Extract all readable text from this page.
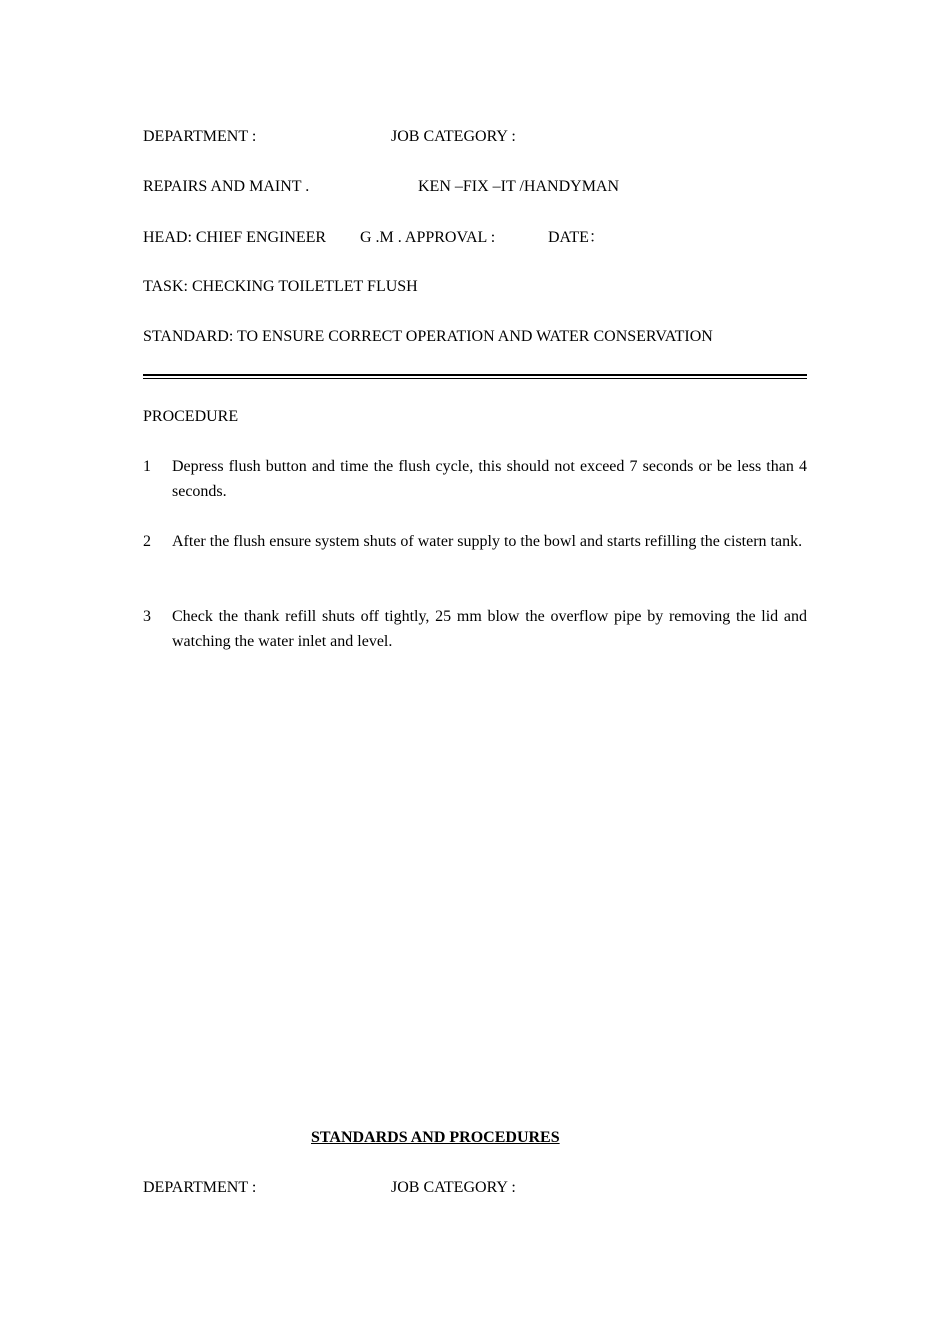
DEPARTMENT :	JOB CATEGORY :
REPAIRS AND MAINT .	KEN –FIX –IT /HANDYMAN
HEAD: CHIEF ENGINEER G .M . APPROVAL :	DATE：
TASK: CHECKING TOILETLET FLUSH
STANDARD: TO ENSURE CORRECT OPERATION AND WATER CONSERVATION
PROCEDURE
1 Depress flush button and time the flush cycle, this should not exceed 7 seconds or be less than 4 seconds.
2 After the flush ensure system shuts of water supply to the bowl and starts refilling the cistern tank.
3 Check the thank refill shuts off tightly, 25 mm blow the overflow pipe by removing the lid and watching the water inlet and level.
STANDARDS AND PROCEDURES
DEPARTMENT :	JOB CATEGORY :
